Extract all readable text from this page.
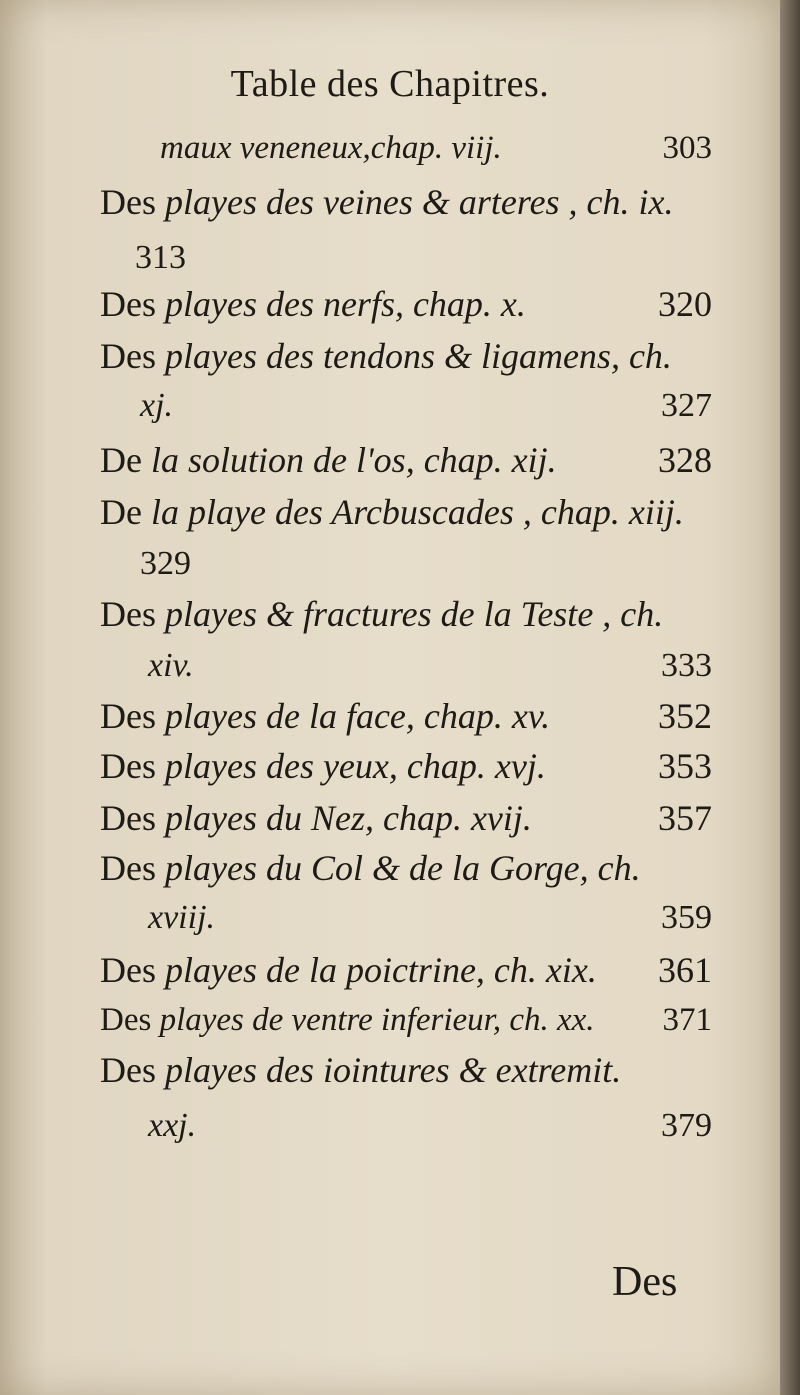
Table des Chapitres.
maux veneneux,chap. viij.	303
Des playes des veines & arteres , ch. ix.
313
Des playes des nerfs, chap. x.	320
Des playes des tendons & ligamens, ch.
xj.	327
De la solution de l'os, chap. xij.	328
De la playe des Arcbuscades , chap. xiij.
329
Des playes & fractures de la Teste , ch.
xiv.	333
Des playes de la face, chap. xv.	352
Des playes des yeux, chap. xvj.	353
Des playes du Nez, chap. xvij.	357
Des playes du Col & de la Gorge, ch.
xviij.	359
Des playes de la poictrine, ch. xix. 361
Des playes de ventre inferieur, ch. xx. 371
Des playes des iointures & extremit.
xxj.	379
Des
